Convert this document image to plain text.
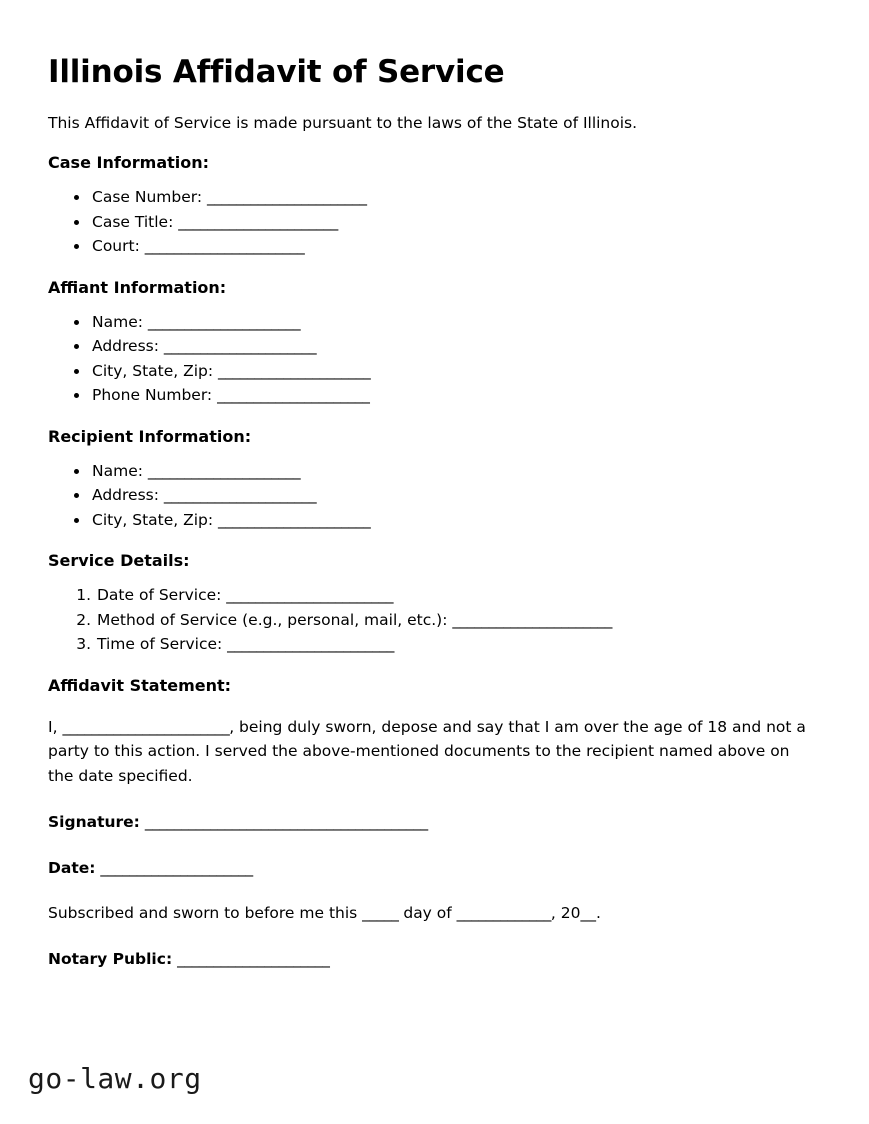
Illinois Affidavit of Service

This Affidavit of Service is made pursuant to the laws of the State of Illinois.

Case Information:
• Case Number: ______________________
• Case Title: ______________________
• Court: ______________________
Affiant Information:
• Name: _____________________
• Address: _____________________
• City, State, Zip: _____________________
• Phone Number: _____________________
Recipient Information:
• Name: _____________________
• Address: _____________________
• City, State, Zip: _____________________
Service Details:
1. Date of Service: _______________________
2. Method of Service (e.g., personal, mail, etc.): ______________________
3. Time of Service: _______________________
Affidavit Statement:

I, _______________________, being duly sworn, depose and say that I am over the age of 18 and not a party to this action. I served the above-mentioned documents to the recipient named above on the date specified.

Signature: _______________________________________

Date: _____________________

Subscribed and sworn to before me this _____ day of _____________, 20__.

Notary Public: _____________________

go-law.org
